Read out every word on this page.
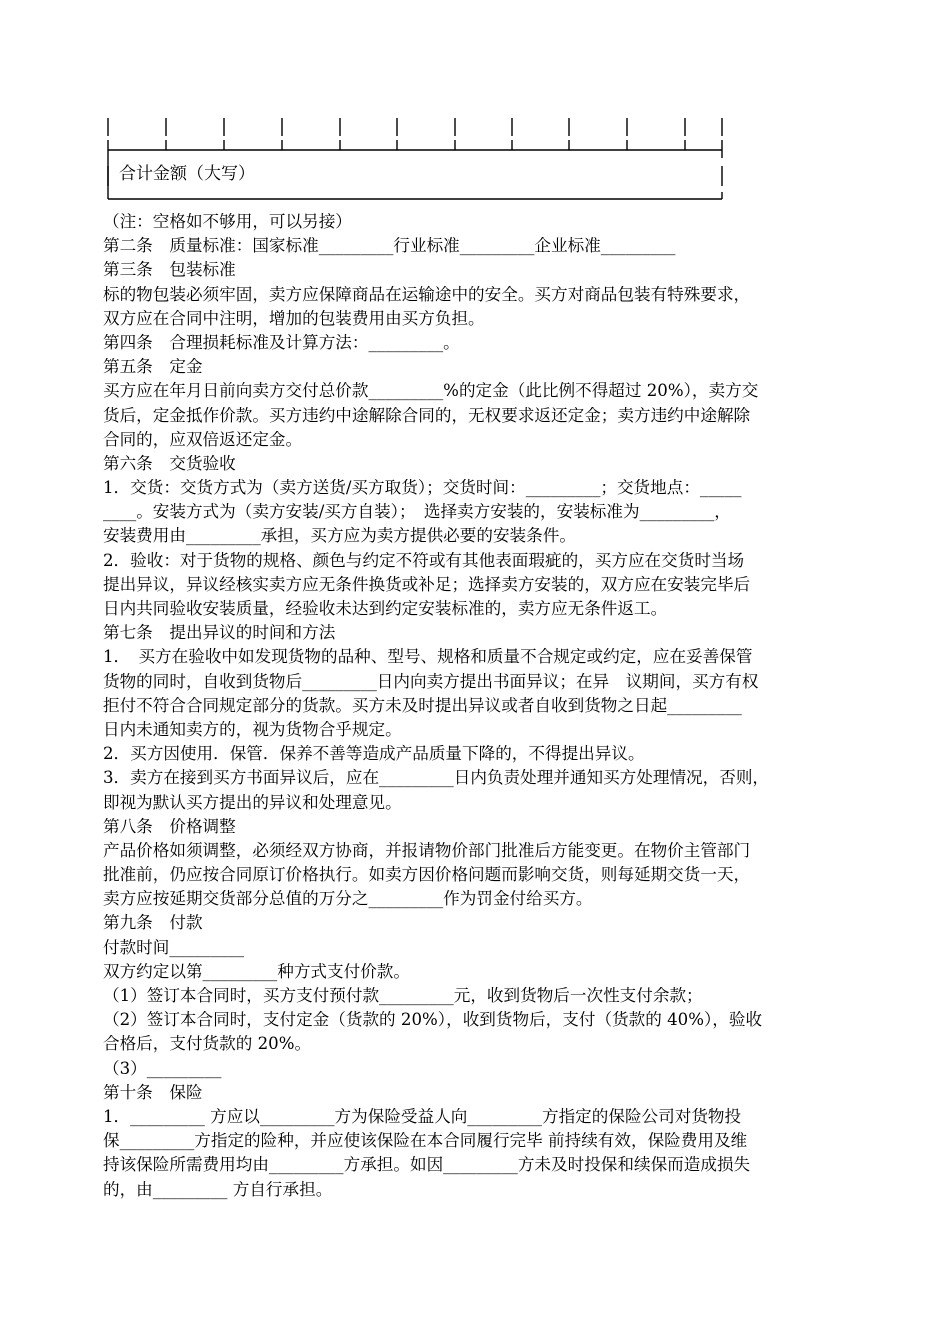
合计金额（大写）
（注：空格如不够用，可以另接）
第二条　质量标准：国家标准_________行业标准_________企业标准_________
第三条　包装标准
标的物包装必须牢固，卖方应保障商品在运输途中的安全。买方对商品包装有特殊要求，
双方应在合同中注明，增加的包装费用由买方负担。
第四条　合理损耗标准及计算方法：_________。
第五条　定金
买方应在年月日前向卖方交付总价款_________%的定金（此比例不得超过 20%），卖方交
货后，定金抵作价款。买方违约中途解除合同的，无权要求返还定金；卖方违约中途解除
合同的，应双倍返还定金。
第六条　交货验收
1．交货：交货方式为（卖方送货/买方取货）；交货时间：_________；交货地点：_____
____。安装方式为（卖方安装/买方自装）；　选择卖方安装的，安装标准为_________，
安装费用由_________承担，买方应为卖方提供必要的安装条件。
2．验收：对于货物的规格、颜色与约定不符或有其他表面瑕疵的，买方应在交货时当场
提出异议，异议经核实卖方应无条件换货或补足；选择卖方安装的，双方应在安装完毕后
日内共同验收安装质量，经验收未达到约定安装标准的，卖方应无条件返工。
第七条　提出异议的时间和方法
1．　买方在验收中如发现货物的品种、型号、规格和质量不合规定或约定，应在妥善保管
货物的同时，自收到货物后_________日内向卖方提出书面异议；在异　议期间，买方有权
拒付不符合合同规定部分的货款。买方未及时提出异议或者自收到货物之日起_________
日内未通知卖方的，视为货物合乎规定。
2．买方因使用．保管．保养不善等造成产品质量下降的，不得提出异议。
3．卖方在接到买方书面异议后，应在_________日内负责处理并通知买方处理情况，否则，
即视为默认买方提出的异议和处理意见。
第八条　价格调整
产品价格如须调整，必须经双方协商，并报请物价部门批准后方能变更。在物价主管部门
批准前，仍应按合同原订价格执行。如卖方因价格问题而影响交货，则每延期交货一天，
卖方应按延期交货部分总值的万分之_________作为罚金付给买方。
第九条　付款
付款时间_________
双方约定以第_________种方式支付价款。
（1）签订本合同时，买方支付预付款_________元，收到货物后一次性支付余款；
（2）签订本合同时，支付定金（货款的 20%），收到货物后，支付（货款的 40%），验收
合格后，支付货款的 20%。
（3）_________
第十条　保险
1．_________ 方应以_________方为保险受益人向_________方指定的保险公司对货物投
保_________方指定的险种，并应使该保险在本合同履行完毕 前持续有效，保险费用及维
持该保险所需费用均由_________方承担。如因_________方未及时投保和续保而造成损失
的，由_________ 方自行承担。
